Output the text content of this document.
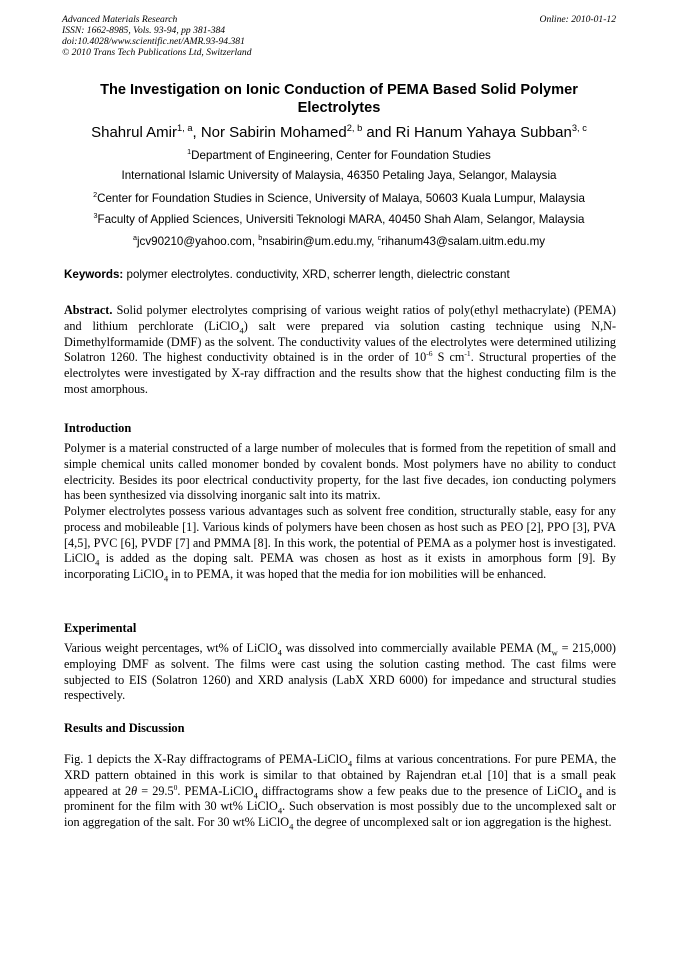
Advanced Materials Research
ISSN: 1662-8985, Vols. 93-94, pp 381-384
doi:10.4028/www.scientific.net/AMR.93-94.381
© 2010 Trans Tech Publications Ltd, Switzerland
Online: 2010-01-12
The Investigation on Ionic Conduction of PEMA Based Solid Polymer Electrolytes
Shahrul Amir$^{1, a}$, Nor Sabirin Mohamed$^{2, b}$ and Ri Hanum Yahaya Subban$^{3, c}$
$^1$Department of Engineering, Center for Foundation Studies
International Islamic University of Malaysia, 46350 Petaling Jaya, Selangor, Malaysia
$^2$Center for Foundation Studies in Science, University of Malaya, 50603 Kuala Lumpur, Malaysia
$^3$Faculty of Applied Sciences, Universiti Teknologi MARA, 40450 Shah Alam, Selangor, Malaysia
$^a$jcv90210@yahoo.com, $^b$nsabirin@um.edu.my, $^c$rihanum43@salam.uitm.edu.my
Keywords: polymer electrolytes. conductivity, XRD, scherrer length, dielectric constant
Abstract. Solid polymer electrolytes comprising of various weight ratios of poly(ethyl methacrylate) (PEMA) and lithium perchlorate (LiClO$_4$) salt were prepared via solution casting technique using N,N-Dimethylformamide (DMF) as the solvent. The conductivity values of the electrolytes were determined utilizing Solatron 1260. The highest conductivity obtained is in the order of $10^{-6}$ S $cm^{-1}$. Structural properties of the electrolytes were investigated by X-ray diffraction and the results show that the highest conducting film is the most amorphous.
Introduction
Polymer is a material constructed of a large number of molecules that is formed from the repetition of small and simple chemical units called monomer bonded by covalent bonds. Most polymers have no ability to conduct electricity. Besides its poor electrical conductivity property, for the last five decades, ion conducting polymers has been synthesized via dissolving inorganic salt into its matrix.
Polymer electrolytes possess various advantages such as solvent free condition, structurally stable, easy for any process and mobileable [1]. Various kinds of polymers have been chosen as host such as PEO [2], PPO [3], PVA [4,5], PVC [6], PVDF [7] and PMMA [8]. In this work, the potential of PEMA as a polymer host is investigated. LiClO$_4$ is added as the doping salt. PEMA was chosen as host as it exists in amorphous form [9]. By incorporating LiClO$_4$ in to PEMA, it was hoped that the media for ion mobilities will be enhanced.
Experimental
Various weight percentages, wt% of LiClO$_4$ was dissolved into commercially available PEMA $(M_w = 215,000)$ employing DMF as solvent. The films were cast using the solution casting method. The cast films were subjected to EIS (Solatron 1260) and XRD analysis (LabX XRD 6000) for impedance and structural studies respectively.
Results and Discussion
Fig. 1 depicts the X-Ray diffractograms of PEMA-LiClO$_4$ films at various concentrations. For pure PEMA, the XRD pattern obtained in this work is similar to that obtained by Rajendran et.al [10] that is a small peak appeared at $2\theta = 29.5^0$. PEMA-LiClO$_4$ diffractograms show a few peaks due to the presence of LiClO$_4$ and is prominent for the film with 30 wt% LiClO$_4$. Such observation is most possibly due to the uncomplexed salt or ion aggregation of the salt. For 30 wt% LiClO$_4$ the degree of uncomplexed salt or ion aggregation is the highest.
